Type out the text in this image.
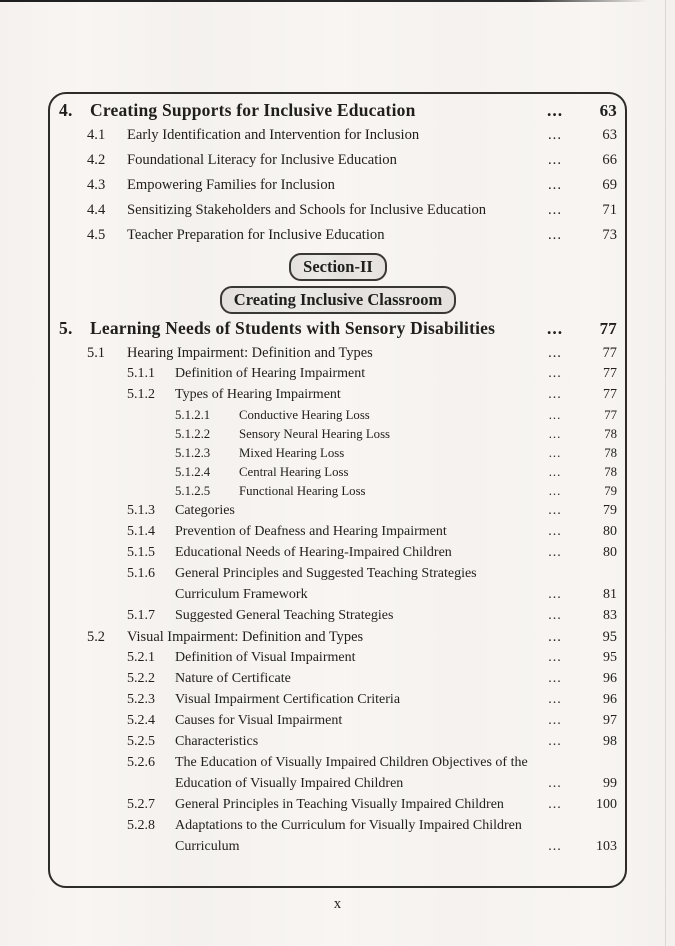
4. Creating Supports for Inclusive Education	...	63
4.1	Early Identification and Intervention for Inclusion	...	63
4.2	Foundational Literacy for Inclusive Education	...	66
4.3	Empowering Families for Inclusion	...	69
4.4	Sensitizing Stakeholders and Schools for Inclusive Education	...	71
4.5	Teacher Preparation for Inclusive Education	...	73
Section-II
Creating Inclusive Classroom
5. Learning Needs of Students with Sensory Disabilities	...	77
5.1	Hearing Impairment: Definition and Types	...	77
5.1.1	Definition of Hearing Impairment	...	77
5.1.2	Types of Hearing Impairment	...	77
5.1.2.1	Conductive Hearing Loss	...	77
5.1.2.2	Sensory Neural Hearing Loss	...	78
5.1.2.3	Mixed Hearing Loss	...	78
5.1.2.4	Central Hearing Loss	...	78
5.1.2.5	Functional Hearing Loss	...	79
5.1.3	Categories	...	79
5.1.4	Prevention of Deafness and Hearing Impairment	...	80
5.1.5	Educational Needs of Hearing-Impaired Children	...	80
5.1.6	General Principles and Suggested Teaching Strategies
Curriculum Framework	...	81
5.1.7	Suggested General Teaching Strategies	...	83
5.2	Visual Impairment: Definition and Types	...	95
5.2.1	Definition of Visual Impairment	...	95
5.2.2	Nature of Certificate	...	96
5.2.3	Visual Impairment Certification Criteria	...	96
5.2.4	Causes for Visual Impairment	...	97
5.2.5	Characteristics	...	98
5.2.6	The Education of Visually Impaired Children Objectives of the
Education of Visually Impaired Children	...	99
5.2.7	General Principles in Teaching Visually Impaired Children	...	100
5.2.8	Adaptations to the Curriculum for Visually Impaired Children
Curriculum	...	103
x
